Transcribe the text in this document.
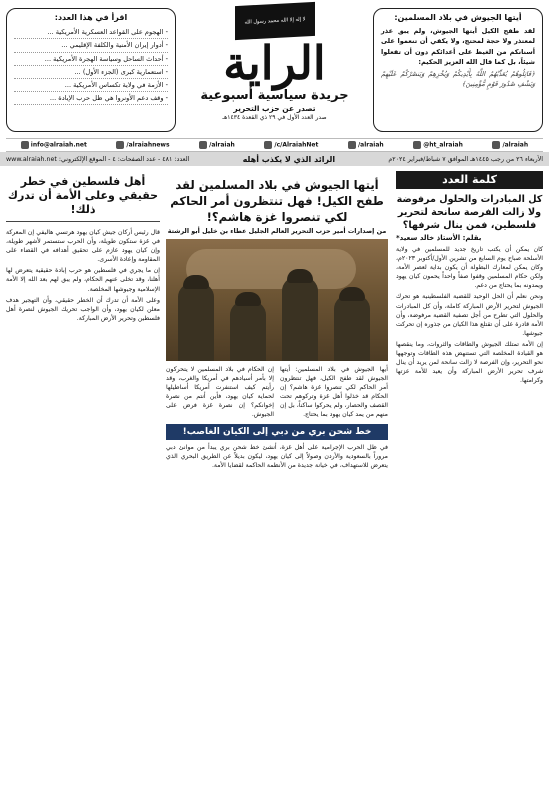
أيتها الجيوش في بلاد المسلمين:

لقد طفح الكيل أيتها الجيوش، ولم يبق عذر لمعتذر ولا حجة لمحتج، ولا يكفي أن تنعموا على أسنانكم من الغيظ على أعدائكم دون أن تفعلوا شيئاً، بل كما قال الله العزيز الحكيم:

﴿قَاتِلُوهُمْ يُعَذِّبْهُمُ اللَّهُ بِأَيْدِيكُمْ وَيُخْزِهِمْ وَيَنصُرْكُمْ عَلَيْهِمْ وَيَشْفِ صُدُورَ قَوْمٍ مُّؤْمِنِينَ﴾

لا إله إلا الله محمد رسول الله
الراية
جريدة سياسية أسبوعية
تصدر عن حزب التحرير
صدر العدد الأول في ٢٩ ذي القعدة ١٤٣٤هـ
اقرأ في هذا العدد:
- الهجوم على القواعد العسكرية الأمريكية ...
- أدوار إيران الأمنية والكلفة الإقليمي ...
- أحداث الساحل وسياسة الهجرة الأمريكية ...
- استعمارية كبرى (الجزء الأول) ...
- الأزمة في ولاية تكساس الأمريكية ...
- وقف دعم الأونروا هي ظل حرب الإبادة ...
info@alraiah.net	/alraiahnews	/alraiah	/c/AlraiahNet	/alraiah	@ht_alraiah	/alraiah
الأربعاء ٢٦ من رجب ١٤٤٥هـ الموافق ٧ شباط/فبراير ٢٠٢٤م
الرائد الذي لا يكذب أهله
العدد: ٤٨١ - عدد الصفحات: ٤ - الموقع الإلكتروني: www.alraiah.net
كلمة العدد
كل المبادرات والحلول مرفوضة ولا زالت الفرصة سانحة لتحرير فلسطين، فمن ينال شرفها؟
بقلم: الأستاذ خالد سعيد*

كان يمكن أن يكتب تاريخ جديد للمسلمين في ولاية الأسلحة صباح يوم السابع من تشرين الأول/أكتوبر ٢٠٢٣م، وكان يمكن لمعارك البطولة أن يكون بداية لعصر الأمة، ولكن حكام المسلمين وقفوا صفاً واحداً يحمون كيان يهود ويمدونه بما يحتاج من دعم.

ونحن نعلم أن الحل الوحيد للقضية الفلسطينية هو تحرك الجيوش لتحرير الأرض المباركة كاملة، وأن كل المبادرات والحلول التي تطرح من أجل تصفية القضية مرفوضة، وأن الأمة قادرة على أن تقتلع هذا الكيان من جذوره إن تحركت جيوشها.

إن الأمة تمتلك الجيوش والطاقات والثروات، وما ينقصها هو القيادة المخلصة التي تستنهض هذه الطاقات وتوجهها نحو التحرير، وإن الفرصة لا زالت سانحة لمن يريد أن ينال شرف تحرير الأرض المباركة وأن يعيد للأمة عزتها وكرامتها.

أيتها الجيوش في بلاد المسلمين لقد طفح الكيل! فهل تنتظرون أمر الحاكم لكي تنصروا غزة هاشم؟!
من إصدارات أمير حزب التحرير العالم الجليل عطاء بن خليل أبو الرشتة
أيها الجيوش في بلاد المسلمين: أيتها الجيوش لقد طفح الكيل، فهل تنتظرون أمر الحاكم لكي تنصروا غزة هاشم؟ إن الحكام قد خذلوا أهل غزة وتركوهم تحت القصف والحصار، ولم يحركوا ساكناً، بل إن منهم من يمد كيان يهود بما يحتاج.
إن الحكام في بلاد المسلمين لا يتحركون إلا بأمر أسيادهم في أمريكا والغرب، وقد رأيتم كيف استنفرت أمريكا أساطيلها لحماية كيان يهود، فأين أنتم من نصرة إخوانكم؟ إن نصرة غزة فرض على الجيوش.
خط شحن بري من دبي إلى الكيان الغاصب!
في ظل الحرب الإجرامية على أهل غزة، أنشئ خط شحن بري يبدأ من موانئ دبي مروراً بالسعودية والأردن وصولاً إلى كيان يهود، ليكون بديلاً عن الطريق البحري الذي يتعرض للاستهداف، في خيانة جديدة من الأنظمة الحاكمة لقضايا الأمة.
أهل فلسطين في خطر حقيقي وعلى الأمة أن تدرك ذلك!

قال رئيس أركان جيش كيان يهود هرتسي هاليفي إن المعركة في غزة ستكون طويلة، وأن الحرب ستستمر لأشهر طويلة، وإن كيان يهود عازم على تحقيق أهدافه في القضاء على المقاومة وإعادة الأسرى.

إن ما يجري في فلسطين هو حرب إبادة حقيقية يتعرض لها أهلنا، وقد تخلى عنهم الحكام، ولم يبق لهم بعد الله إلا الأمة الإسلامية وجيوشها المخلصة.

وعلى الأمة أن تدرك أن الخطر حقيقي، وأن التهجير هدف معلن لكيان يهود، وأن الواجب تحريك الجيوش لنصرة أهل فلسطين وتحرير الأرض المباركة.
